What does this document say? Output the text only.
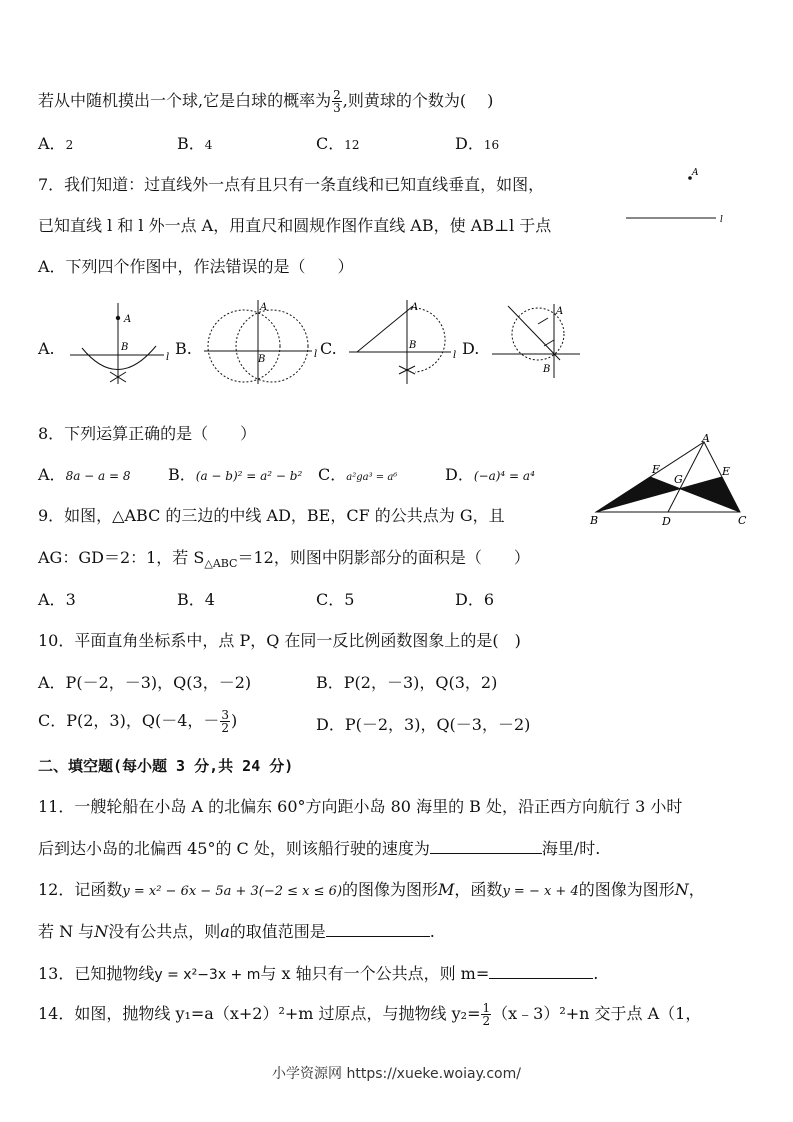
若从中随机摸出一个球,它是白球的概率为 $\frac{2}{3}$ ,则黄球的个数为(　 )
A．2	B．4	C．12	D．16
7．我们知道：过直线外一点有且只有一条直线和已知直线垂直，如图，
已知直线 l 和 l 外一点 A，用直尺和圆规作图作直线 AB，使 AB⊥l 于点
A．下列四个作图中，作法错误的是（　　）
A
l
A.
A
B
l B.
A
B	l C.
A
B
l D.
A
B
8．下列运算正确的是（　　）
A．8a − a = 8 B．(a − b)² = a² − b² C．a²gа³ = a⁶	D．(−a)⁴ = a⁴
A
F
G
E
B	D	C
9．如图，△ABC 的三边的中线 AD，BE，CF 的公共点为 G，且
AG：GD＝2：1，若 $S_{\triangle ABC}=12$，则图中阴影部分的面积是（　　）
A．3	B．4	C．5	D．6
10．平面直角坐标系中，点 P，Q 在同一反比例函数图象上的是(　)
A．P(－2，－3)，Q(3，－2)	B．P(2，－3)，Q(3，2)
C．P(2，3)，Q(－4，－ $\frac{3}{2}$ )	D．P(－2，3)，Q(－3，－2)
二、填空题(每小题 3 分,共 24 分)
11．一艘轮船在小岛 A 的北偏东 60°方向距小岛 80 海里的 B 处，沿正西方向航行 3 小时
后到达小岛的北偏西 45°的 C 处，则该船行驶的速度为	海里/时.
12．记函数y = x² − 6x − 5a + 3(−2 ≤ x ≤ 6)的图像为图形M，函数y = − x + 4的图像为图形N，
若 N 与N没有公共点，则a的取值范围是	.
13．已知抛物线y = x²−3x + m与 x 轴只有一个公共点，则 m=	.
14．如图，抛物线 y₁=a（x+2）²+m 过原点，与抛物线 $y_2= \frac{1}{2}$ （x﹣3）²+n 交于点 A（1，
小学资源网 https://xueke.woiay.com/
